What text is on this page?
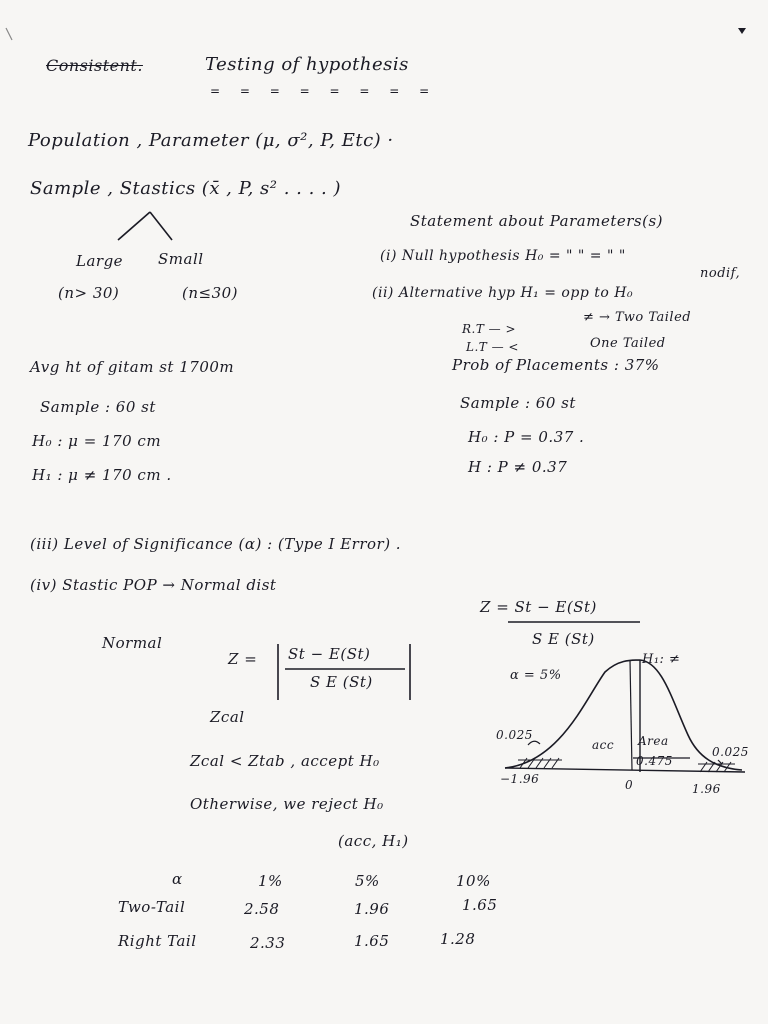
Consistent.	Testing of hypothesis
= = = = = = = =
Population , Parameter (μ, σ², P, Etc) ·
Sample , Stastics (x̄ , P, s² . . . . )
Large Small
(n> 30)	(n≤30)
Statement about Parameters(s)
(i) Null hypothesis H₀ = " " = " "
nodif,
(ii) Alternative hyp H₁ = opp to H₀
≠ → Two Tailed
R.T — >
L.T — <	One Tailed
Avg ht of gitam st 1700m
Sample : 60 st
H₀ : μ = 170 cm
H₁ : μ ≠ 170 cm .
Prob of Placements : 37%
Sample : 60 st
H₀ : P = 0.37 .
H : P ≠ 0.37
(iii) Level of Significance (α) : (Type I Error) .
(iv) Stastic POP → Normal dist
Z = St − E(St)
S E (St)
Normal
Z = St − E(St)
S E (St)
Zcal
Zcal < Ztab , accept H₀
Otherwise, we reject H₀
(acc, H₁)
H₁: ≠
α = 5%
acc Area
0.475
0.025
0.025
−1.96	0	1.96
α	1%	5%	10%
Two-Tail	2.58	1.96	1.65
Right Tail	2.33	1.65	1.28
